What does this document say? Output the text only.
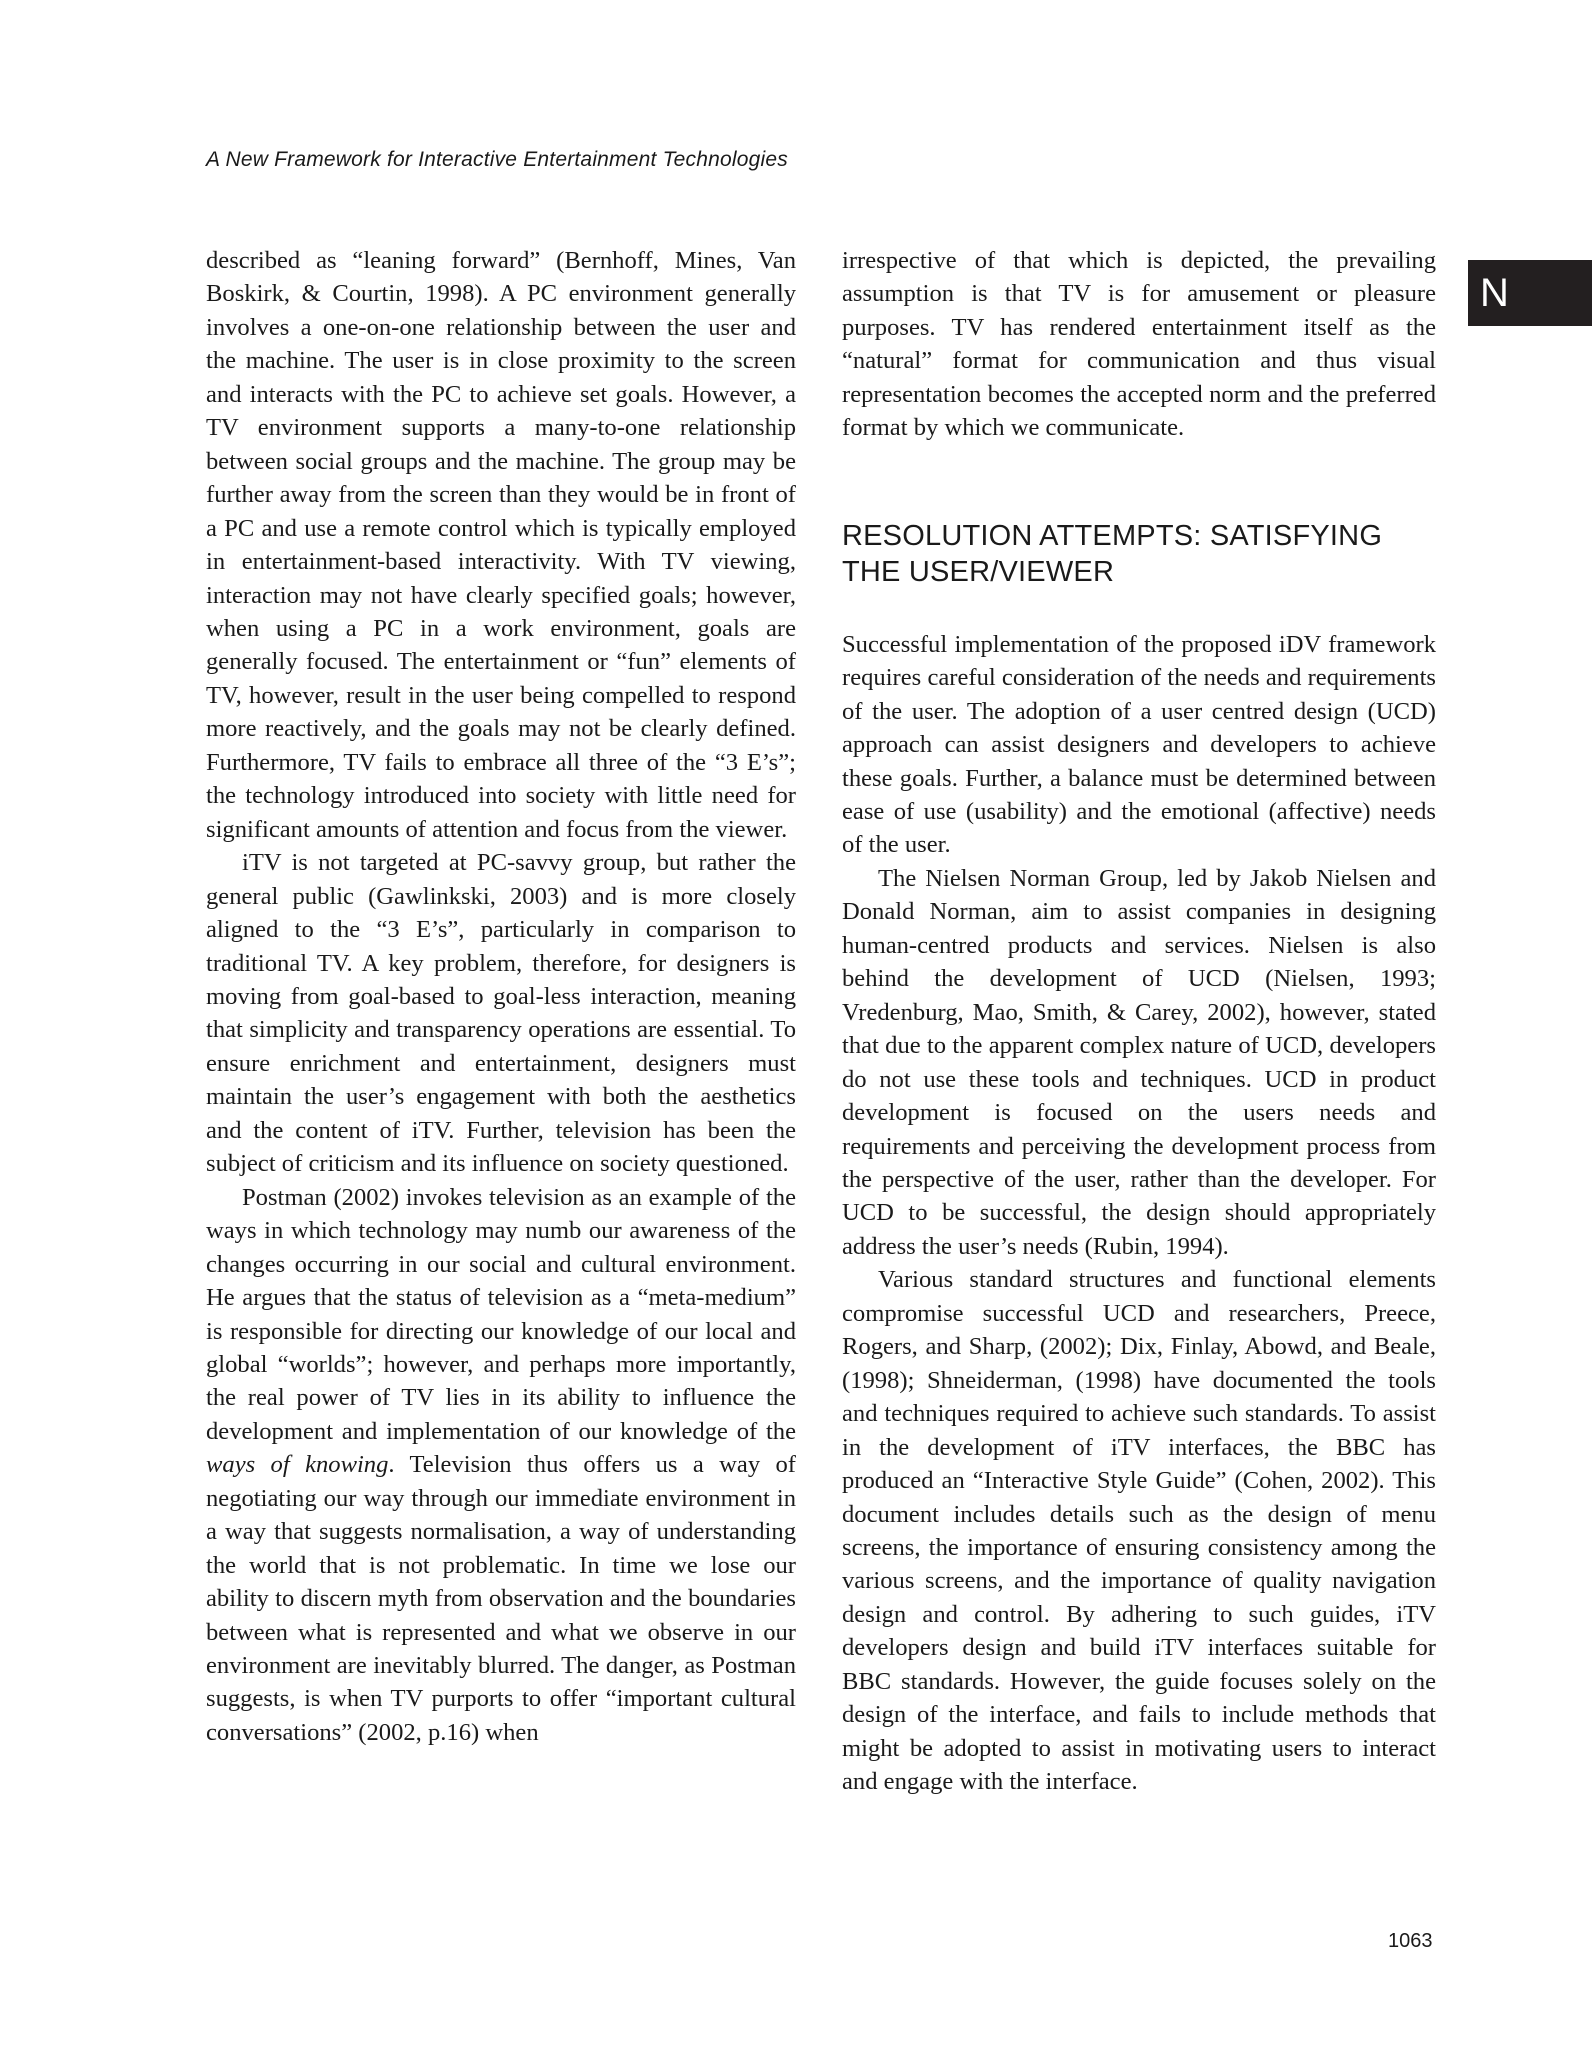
A New Framework for Interactive Entertainment Technologies
N

described as “leaning forward” (Bernhoff, Mines, Van Boskirk, & Courtin, 1998). A PC environment generally involves a one-on-one relationship between the user and the machine. The user is in close proximity to the screen and interacts with the PC to achieve set goals. However, a TV environment supports a many-to-one relationship between social groups and the machine. The group may be further away from the screen than they would be in front of a PC and use a remote control which is typically employed in entertainment-based interactivity. With TV viewing, interaction may not have clearly specified goals; however, when using a PC in a work environment, goals are generally focused. The entertainment or “fun” elements of TV, however, result in the user being compelled to respond more reactively, and the goals may not be clearly defined. Furthermore, TV fails to embrace all three of the “3 E’s”; the technology introduced into society with little need for significant amounts of attention and focus from the viewer.

iTV is not targeted at PC-savvy group, but rather the general public (Gawlinkski, 2003) and is more closely aligned to the “3 E’s”, particularly in comparison to traditional TV. A key problem, therefore, for designers is moving from goal-based to goal-less interaction, meaning that simplicity and transparency operations are essential. To ensure enrichment and entertainment, designers must maintain the user’s engagement with both the aesthetics and the content of iTV. Further, television has been the subject of criticism and its influence on society questioned.

Postman (2002) invokes television as an example of the ways in which technology may numb our awareness of the changes occurring in our social and cultural environment. He argues that the status of television as a “meta-medium” is responsible for directing our knowledge of our local and global “worlds”; however, and perhaps more importantly, the real power of TV lies in its ability to influence the development and implementation of our knowledge of the ways of knowing. Television thus offers us a way of negotiating our way through our immediate environment in a way that suggests normalisation, a way of understanding the world that is not problematic. In time we lose our ability to discern myth from observation and the boundaries between what is represented and what we observe in our environment are inevitably blurred. The danger, as Postman suggests, is when TV purports to offer “important cultural conversations” (2002, p.16) when

irrespective of that which is depicted, the prevailing assumption is that TV is for amusement or pleasure purposes. TV has rendered entertainment itself as the “natural” format for communication and thus visual representation becomes the accepted norm and the preferred format by which we communicate.

RESOLUTION ATTEMPTS: SATISFYING THE USER/VIEWER

Successful implementation of the proposed iDV framework requires careful consideration of the needs and requirements of the user. The adoption of a user centred design (UCD) approach can assist designers and developers to achieve these goals. Further, a balance must be determined between ease of use (usability) and the emotional (affective) needs of the user.

The Nielsen Norman Group, led by Jakob Nielsen and Donald Norman, aim to assist companies in designing human-centred products and services. Nielsen is also behind the development of UCD (Nielsen, 1993; Vredenburg, Mao, Smith, & Carey, 2002), however, stated that due to the apparent complex nature of UCD, developers do not use these tools and techniques. UCD in product development is focused on the users needs and requirements and perceiving the development process from the perspective of the user, rather than the developer. For UCD to be successful, the design should appropriately address the user’s needs (Rubin, 1994).

Various standard structures and functional elements compromise successful UCD and researchers, Preece, Rogers, and Sharp, (2002); Dix, Finlay, Abowd, and Beale, (1998); Shneiderman, (1998) have documented the tools and techniques required to achieve such standards. To assist in the development of iTV interfaces, the BBC has produced an “Interactive Style Guide” (Cohen, 2002). This document includes details such as the design of menu screens, the importance of ensuring consistency among the various screens, and the importance of quality navigation design and control. By adhering to such guides, iTV developers design and build iTV interfaces suitable for BBC standards. However, the guide focuses solely on the design of the interface, and fails to include methods that might be adopted to assist in motivating users to interact and engage with the interface.

1063
